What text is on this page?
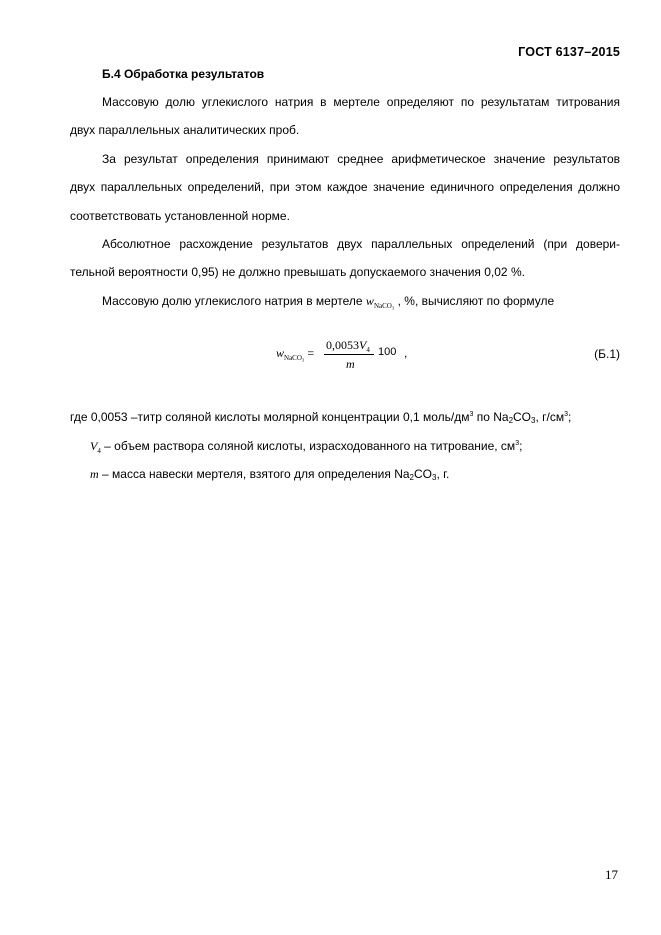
ГОСТ 6137–2015
Б.4 Обработка результатов
Массовую долю углекислого натрия в мертеле определяют по результатам титрования
двух параллельных аналитических проб.
За результат определения принимают среднее арифметическое значение результатов
двух параллельных определений, при этом каждое значение единичного определения должно
соответствовать установленной норме.
Абсолютное расхождение результатов двух параллельных определений (при довери-
тельной вероятности 0,95) не должно превышать допускаемого значения 0,02 %.
Массовую долю углекислого натрия в мертеле $w_{NaCO_3}$ , %, вычисляют по формуле
$w_{NaCO_3}$ =
$0,0053V_4$
m
100 ,	(Б.1)
где 0,0053 –титр соляной кислоты молярной концентрации 0,1 моль/$дм^3$ по Na2CO3, $г/см^3$;
$V_4$ – объем раствора соляной кислоты, израсходованного на титрование, $см^3$;
m – масса навески мертеля, взятого для определения Na2CO3, г.
17
